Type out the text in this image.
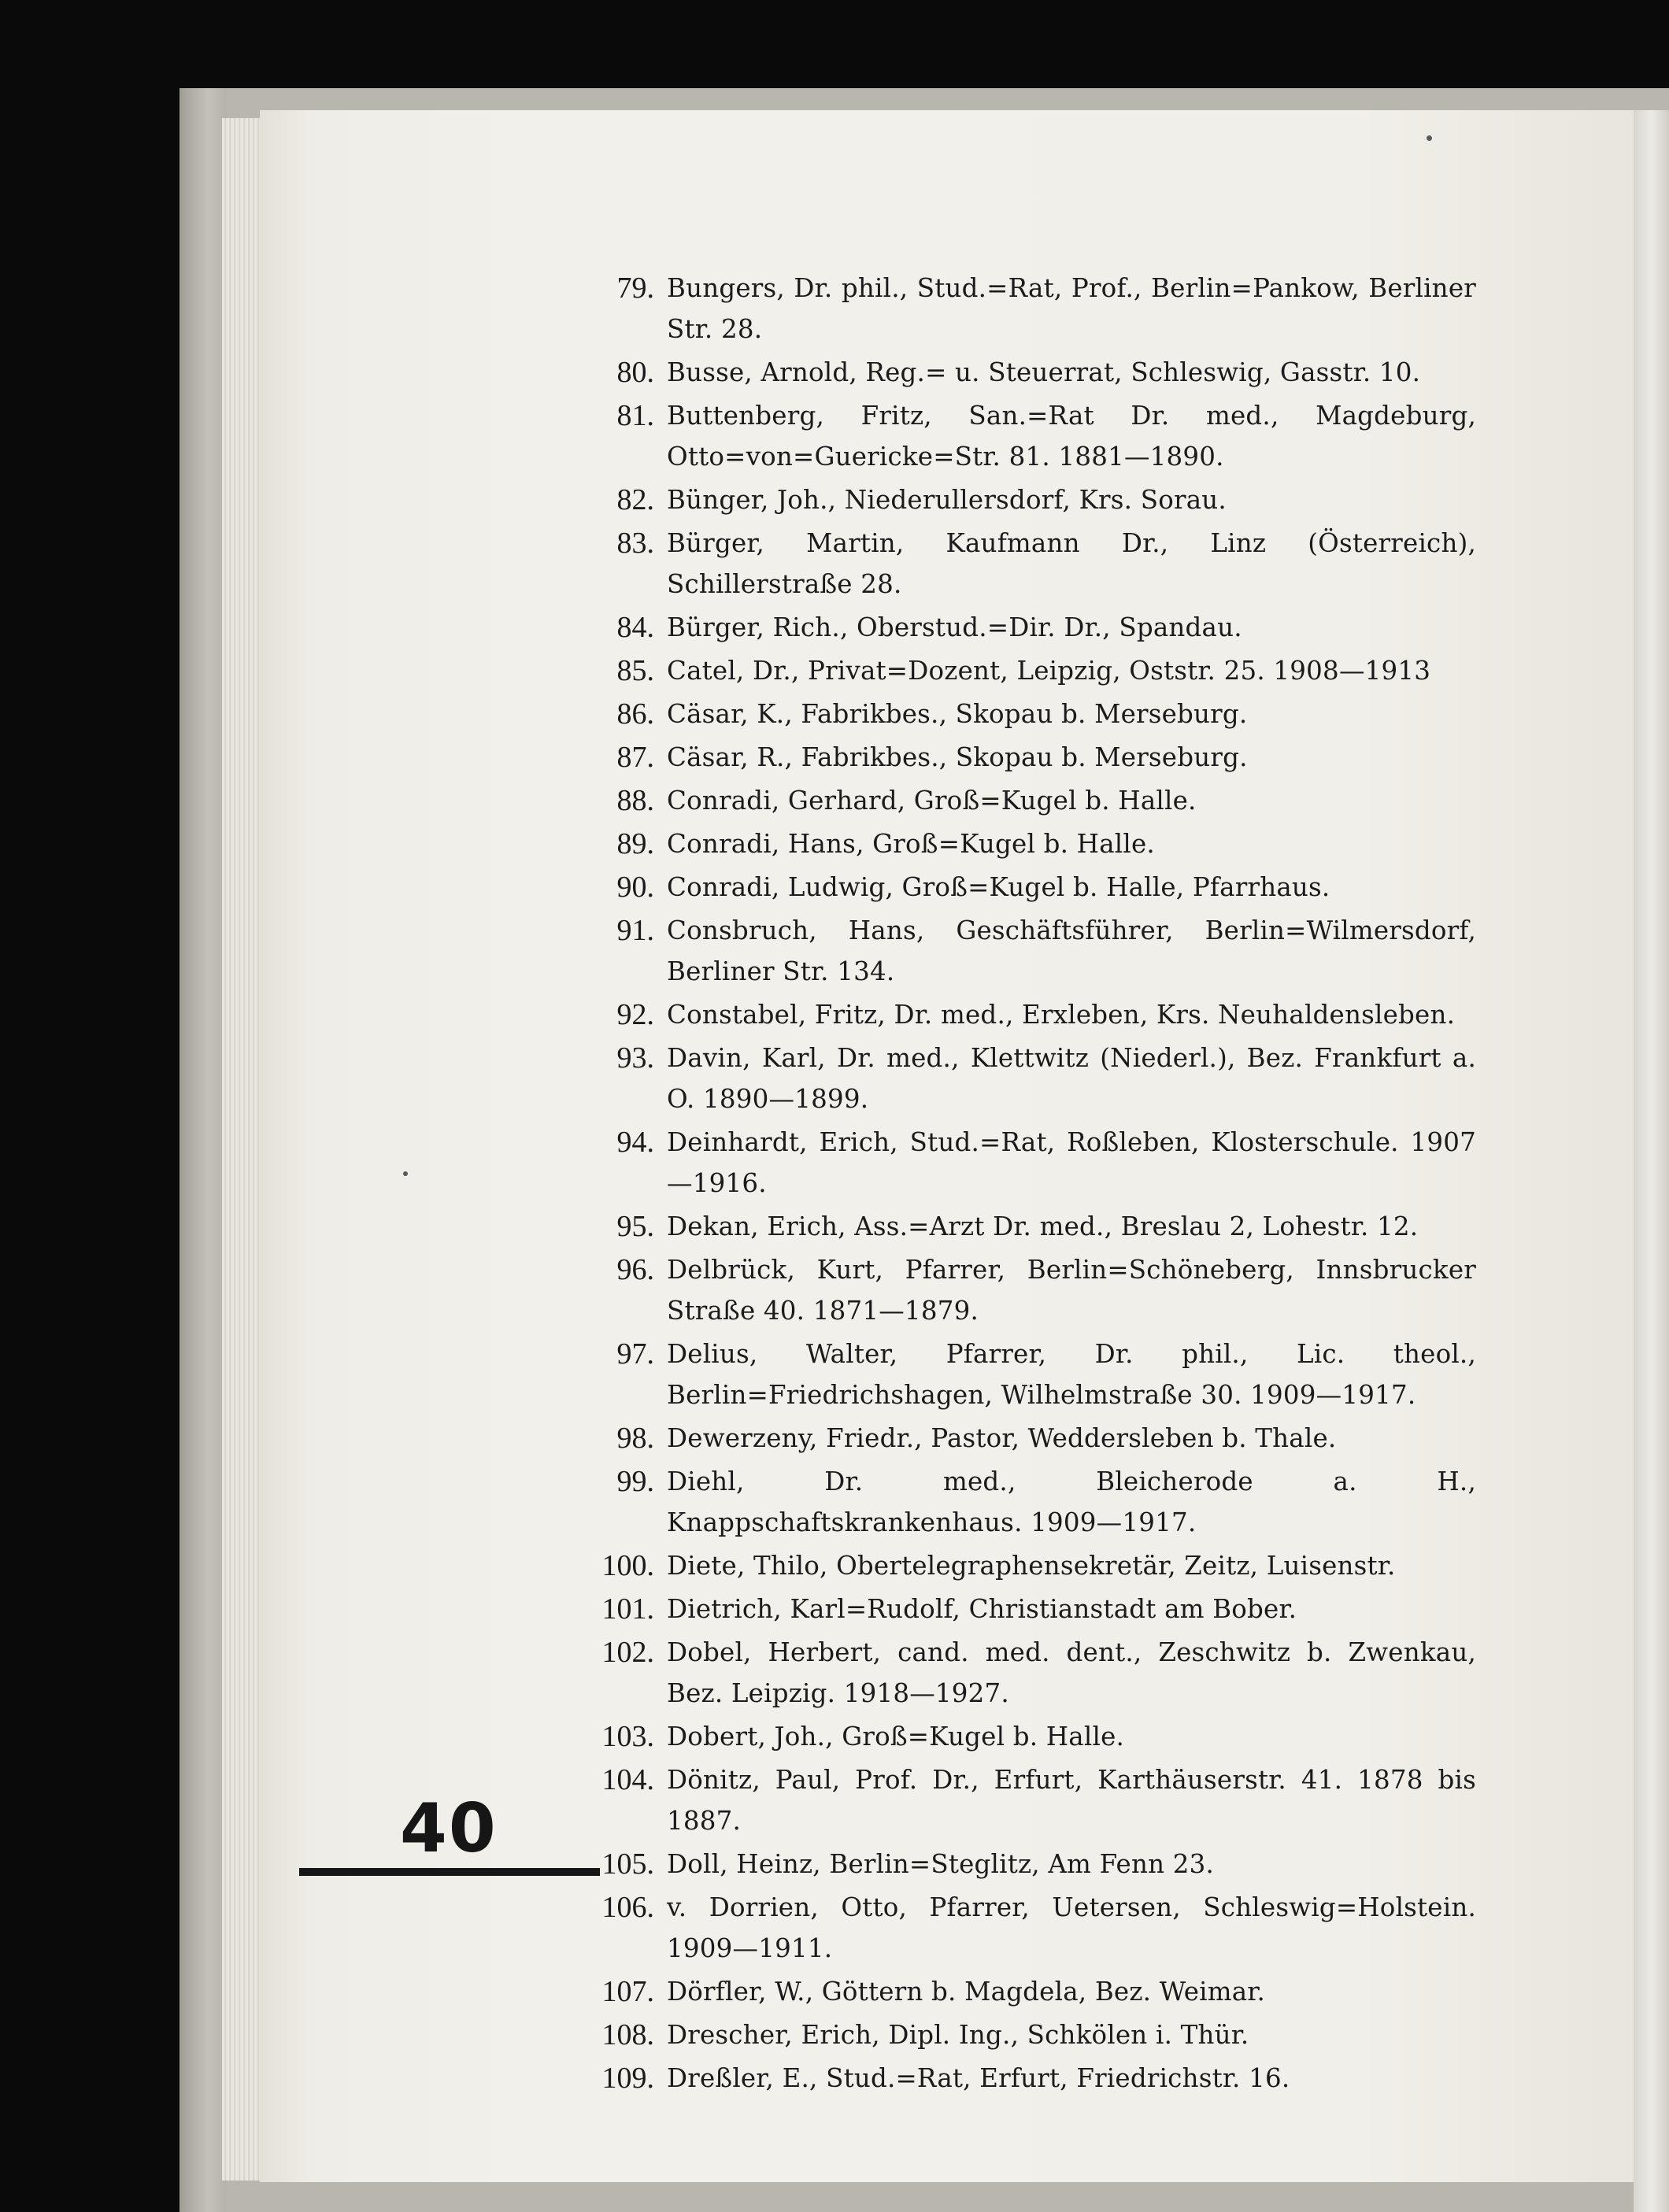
79. Bungers, Dr. phil., Stud.=Rat, Prof., Berlin=Pankow, Berliner Str. 28.
80. Busse, Arnold, Reg.= u. Steuerrat, Schleswig, Gasstr. 10.
81. Buttenberg, Fritz, San.=Rat Dr. med., Magdeburg, Otto=von=Guericke=Str. 81. 1881—1890.
82. Bünger, Joh., Niederullersdorf, Krs. Sorau.
83. Bürger, Martin, Kaufmann Dr., Linz (Österreich), Schillerstraße 28.
84. Bürger, Rich., Oberstud.=Dir. Dr., Spandau.
85. Catel, Dr., Privat=Dozent, Leipzig, Oststr. 25. 1908—1913
86. Cäsar, K., Fabrikbes., Skopau b. Merseburg.
87. Cäsar, R., Fabrikbes., Skopau b. Merseburg.
88. Conradi, Gerhard, Groß=Kugel b. Halle.
89. Conradi, Hans, Groß=Kugel b. Halle.
90. Conradi, Ludwig, Groß=Kugel b. Halle, Pfarrhaus.
91. Consbruch, Hans, Geschäftsführer, Berlin=Wilmersdorf, Berliner Str. 134.
92. Constabel, Fritz, Dr. med., Erxleben, Krs. Neuhaldensleben.
93. Davin, Karl, Dr. med., Klettwitz (Niederl.), Bez. Frankfurt a. O. 1890—1899.
94. Deinhardt, Erich, Stud.=Rat, Roßleben, Klosterschule. 1907—1916.
95. Dekan, Erich, Ass.=Arzt Dr. med., Breslau 2, Lohestr. 12.
96. Delbrück, Kurt, Pfarrer, Berlin=Schöneberg, Innsbrucker Straße 40. 1871—1879.
97. Delius, Walter, Pfarrer, Dr. phil., Lic. theol., Berlin=Friedrichshagen, Wilhelmstraße 30. 1909—1917.
98. Dewerzeny, Friedr., Pastor, Weddersleben b. Thale.
99. Diehl, Dr. med., Bleicherode a. H., Knappschaftskrankenhaus. 1909—1917.
100. Diete, Thilo, Obertelegraphensekretär, Zeitz, Luisenstr.
101. Dietrich, Karl=Rudolf, Christianstadt am Bober.
102. Dobel, Herbert, cand. med. dent., Zeschwitz b. Zwenkau, Bez. Leipzig. 1918—1927.
103. Dobert, Joh., Groß=Kugel b. Halle.
104. Dönitz, Paul, Prof. Dr., Erfurt, Karthäuserstr. 41. 1878 bis 1887.
105. Doll, Heinz, Berlin=Steglitz, Am Fenn 23.
106. v. Dorrien, Otto, Pfarrer, Uetersen, Schleswig=Holstein. 1909—1911.
107. Dörfler, W., Göttern b. Magdela, Bez. Weimar.
108. Drescher, Erich, Dipl. Ing., Schkölen i. Thür.
109. Dreßler, E., Stud.=Rat, Erfurt, Friedrichstr. 16.
40
